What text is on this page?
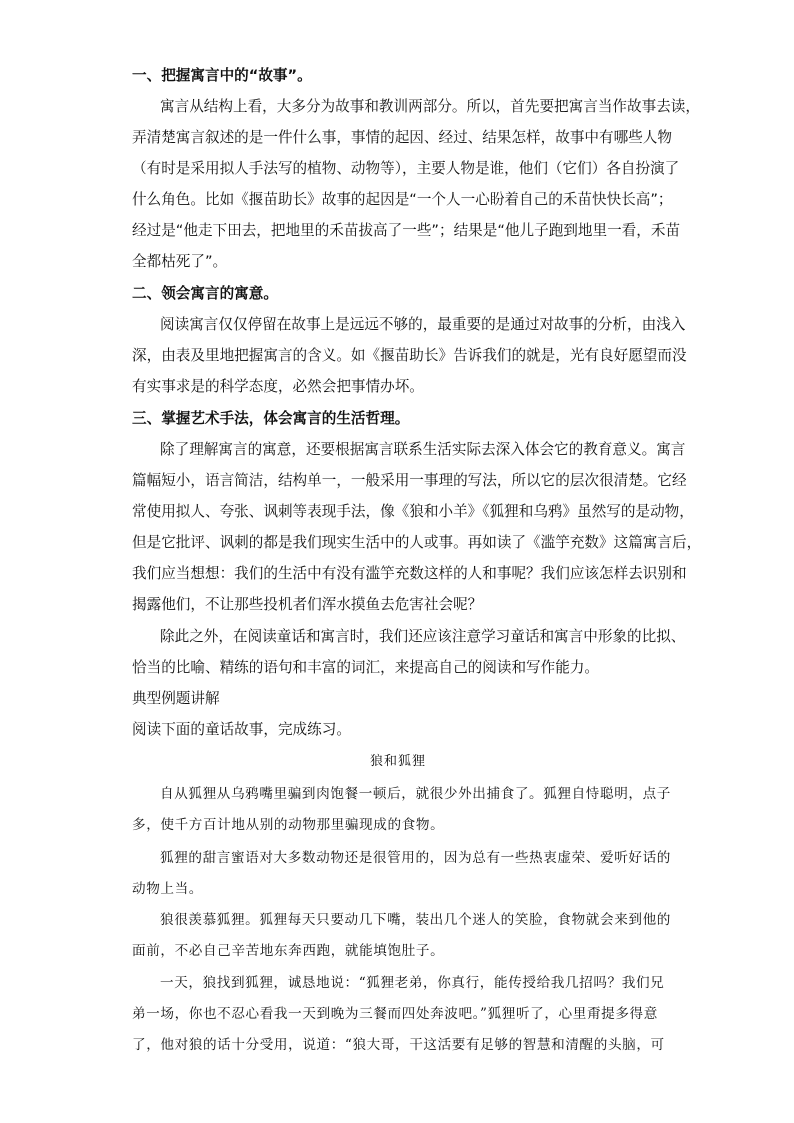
一、把握寓言中的“故事”。
寓言从结构上看，大多分为故事和教训两部分。所以，首先要把寓言当作故事去读，
弄清楚寓言叙述的是一件什么事，事情的起因、经过、结果怎样，故事中有哪些人物
（有时是采用拟人手法写的植物、动物等），主要人物是谁，他们（它们）各自扮演了
什么角色。比如《揠苗助长》故事的起因是“一个人一心盼着自己的禾苗快快长高”；
经过是“他走下田去，把地里的禾苗拔高了一些”；结果是“他儿子跑到地里一看，禾苗
全都枯死了”。
二、领会寓言的寓意。
阅读寓言仅仅停留在故事上是远远不够的，最重要的是通过对故事的分析，由浅入
深，由表及里地把握寓言的含义。如《揠苗助长》告诉我们的就是，光有良好愿望而没
有实事求是的科学态度，必然会把事情办坏。
三、掌握艺术手法，体会寓言的生活哲理。
除了理解寓言的寓意，还要根据寓言联系生活实际去深入体会它的教育意义。寓言
篇幅短小，语言简洁，结构单一，一般采用一事理的写法，所以它的层次很清楚。它经
常使用拟人、夸张、讽刺等表现手法，像《狼和小羊》《狐狸和乌鸦》虽然写的是动物，
但是它批评、讽刺的都是我们现实生活中的人或事。再如读了《滥竽充数》这篇寓言后，
我们应当想想：我们的生活中有没有滥竽充数这样的人和事呢？我们应该怎样去识别和
揭露他们，不让那些投机者们浑水摸鱼去危害社会呢？
除此之外，在阅读童话和寓言时，我们还应该注意学习童话和寓言中形象的比拟、
恰当的比喻、精练的语句和丰富的词汇，来提高自己的阅读和写作能力。
典型例题讲解
阅读下面的童话故事，完成练习。
狼和狐狸
自从狐狸从乌鸦嘴里骗到肉饱餐一顿后，就很少外出捕食了。狐狸自恃聪明，点子
多，使千方百计地从别的动物那里骗现成的食物。
狐狸的甜言蜜语对大多数动物还是很管用的，因为总有一些热衷虚荣、爱听好话的
动物上当。
狼很羡慕狐狸。狐狸每天只要动几下嘴，装出几个迷人的笑脸，食物就会来到他的
面前，不必自己辛苦地东奔西跑，就能填饱肚子。
一天，狼找到狐狸，诚恳地说：“狐狸老弟，你真行，能传授给我几招吗？我们兄
弟一场，你也不忍心看我一天到晚为三餐而四处奔波吧。”狐狸听了，心里甭提多得意
了，他对狼的话十分受用，说道：“狼大哥，干这活要有足够的智慧和清醒的头脑，可
